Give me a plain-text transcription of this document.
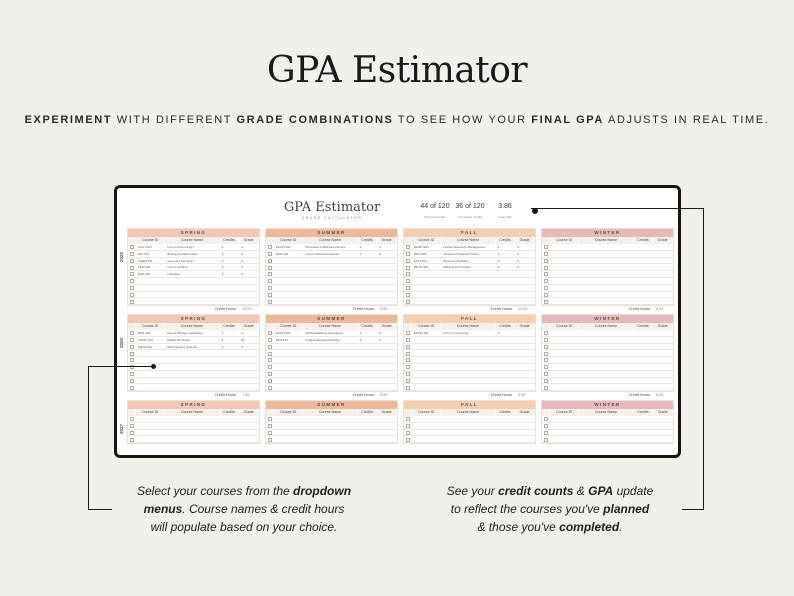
GPA Estimator
EXPERIMENT WITH DIFFERENT GRADE COMBINATIONS TO SEE HOW YOUR FINAL GPA ADJUSTS IN REAL TIME.
GPA Estimator
GRADE CALCULATOR
44 of 120
Planned Credits
36 of 120
Completed Credits
3.86
Final GPA
2025
SPRING
Course ID	Course Name	Credits	Grade
ACCT-101	Intro to Accounting I	3	A
BIO-101	Biology Fundamentals	3	A
CHEM-101	General Chemistry I	2	A
FINA-201	Intro to Finance	3	A
ENG-201	Literature	3	A
Credit Hours 14.00
SUMMER
Course ID	Course Name	Credits	Grade
ECON-201	Principles of Macroeconomics	3	A
FINA-101	Intro to Personal Finance	1	A
Credit Hours 4.00
FALL
Course ID	Course Name	Credits	Grade
MGMT-201	Human Resource Management	3	A
ORG-301	Advanced Financial Theory	3	A
STAT-301	Business Statistics	3	A
MKTG-201	Marketing Principles	3	A
Credit Hours 12.00
WINTER
Course ID	Course Name	Credits	Grade
Credit Hours 0.00
2026
SPRING
Course ID	Course Name	Credits	Grade
BIOL-101	Human Biology Laboratory	1	A
COMP-122	Digital 3D Studio	3	B+
ENVS-201	Earth System Science	3	A-
Credit Hours 7.00
SUMMER
Course ID	Course Name	Credits	Grade
ECON-300	Media Relations Campaigns	2	A
BUS-110	Organizational Consulting	3	A
Credit Hours 5.00
FALL
Course ID	Course Name	Credits	Grade
HONR-101	Intro to Community	2
Credit Hours 2.00
WINTER
Course ID	Course Name	Credits	Grade
Credit Hours 0.00
2027
SPRING
Course ID	Course Name	Credits	Grade
SUMMER
Course ID	Course Name	Credits	Grade
FALL
Course ID	Course Name	Credits	Grade
WINTER
Course ID	Course Name	Credits	Grade
Select your courses from the dropdown
menus. Course names & credit hours
will populate based on your choice.
See your credit counts & GPA update
to reflect the courses you've planned
& those you've completed.
